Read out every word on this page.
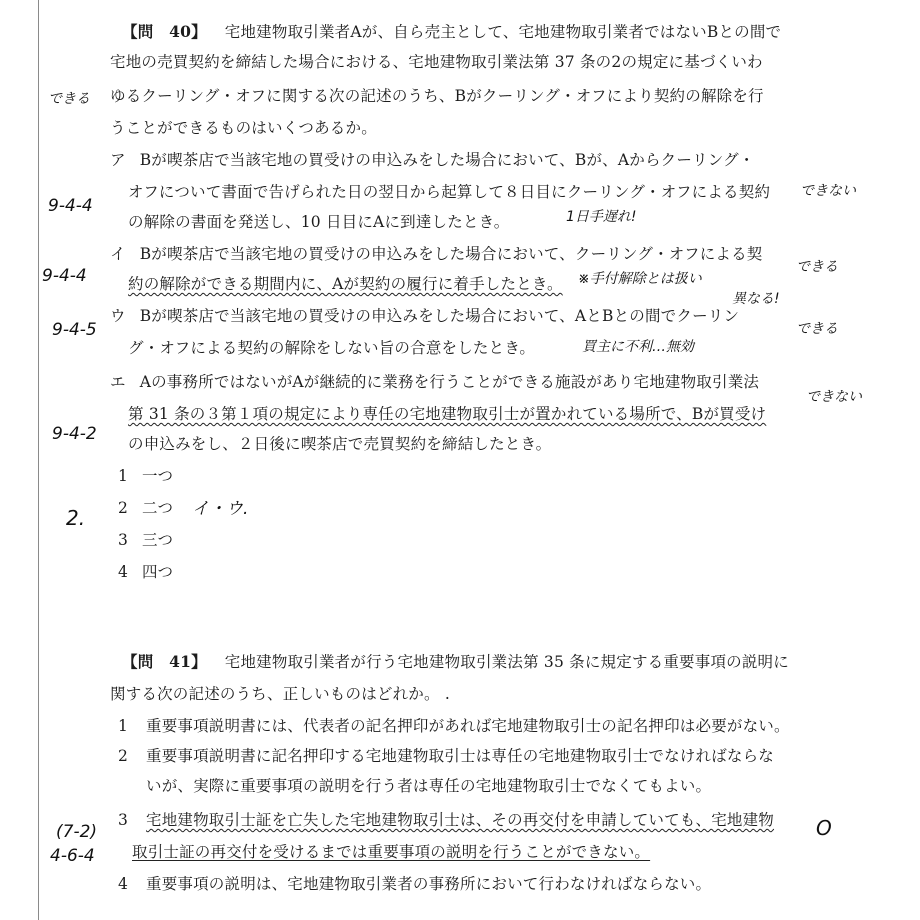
【問　40】 宅地建物取引業者Aが、自ら売主として、宅地建物取引業者ではないBとの間で
宅地の売買契約を締結した場合における、宅地建物取引業法第 37 条の2の規定に基づくいわ
ゆるクーリング・オフに関する次の記述のうち、Bがクーリング・オフにより契約の解除を行
うことができるものはいくつあるか。
ア Bが喫茶店で当該宅地の買受けの申込みをした場合において、Bが、Aからクーリング・
オフについて書面で告げられた日の翌日から起算して８日目にクーリング・オフによる契約
の解除の書面を発送し、10 日目にAに到達したとき。
イ Bが喫茶店で当該宅地の買受けの申込みをした場合において、クーリング・オフによる契
約の解除ができる期間内に、Aが契約の履行に着手したとき。
ウ Bが喫茶店で当該宅地の買受けの申込みをした場合において、AとBとの間でクーリン
グ・オフによる契約の解除をしない旨の合意をしたとき。
エ Aの事務所ではないがAが継続的に業務を行うことができる施設があり宅地建物取引業法
第 31 条の３第１項の規定により専任の宅地建物取引士が置かれている場所で、Bが買受け
の申込みをし、２日後に喫茶店で売買契約を締結したとき。
1 一つ
2 二つ
3 三つ
4 四つ
【問　41】 宅地建物取引業者が行う宅地建物取引業法第 35 条に規定する重要事項の説明に
関する次の記述のうち、正しいものはどれか。 .
1 重要事項説明書には、代表者の記名押印があれば宅地建物取引士の記名押印は必要がない。
2 重要事項説明書に記名押印する宅地建物取引士は専任の宅地建物取引士でなければならな
いが、実際に重要事項の説明を行う者は専任の宅地建物取引士でなくてもよい。
3 宅地建物取引士証を亡失した宅地建物取引士は、その再交付を申請していても、宅地建物
取引士証の再交付を受けるまでは重要事項の説明を行うことができない。
4 重要事項の説明は、宅地建物取引業者の事務所において行わなければならない。
できる
9-4-4
できない
1日手遅れ!
9-4-4	※手付解除とは扱い
異なる!
できる
9-4-5	できる
買主に不利…無効
9-4-2
できない
2.	イ・ウ.
(7-2)
4-6-4
O
